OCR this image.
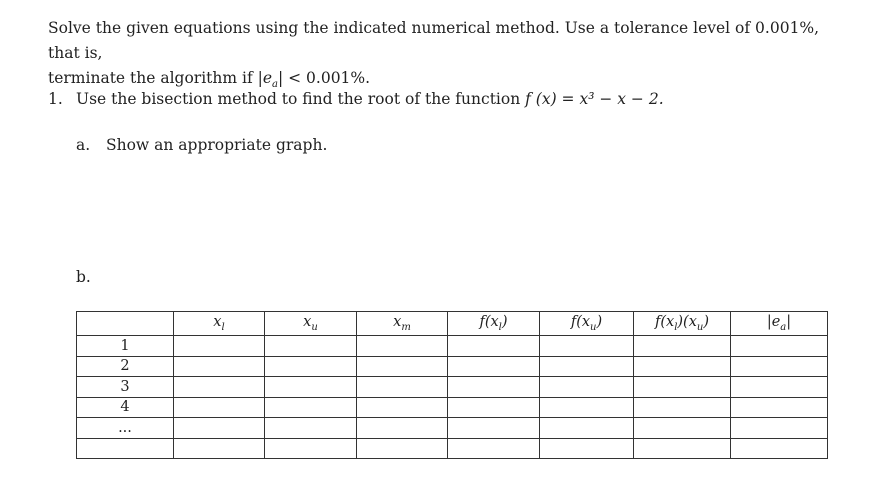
Solve the given equations using the indicated numerical method. Use a tolerance level of 0.001%, that is,
terminate the algorithm if $|e_a| < 0.001\%$.
1. Use the bisection method to find the root of the function f (x) = x³ − x − 2.
a. Show an appropriate graph.
b.
	$x_l$	$x_u$	$x_m$	$f(x_l)$	$f(x_u)$	$f(x_l)(x_u)$	$|e_a|$
1							
2							
3							
4							
...							
